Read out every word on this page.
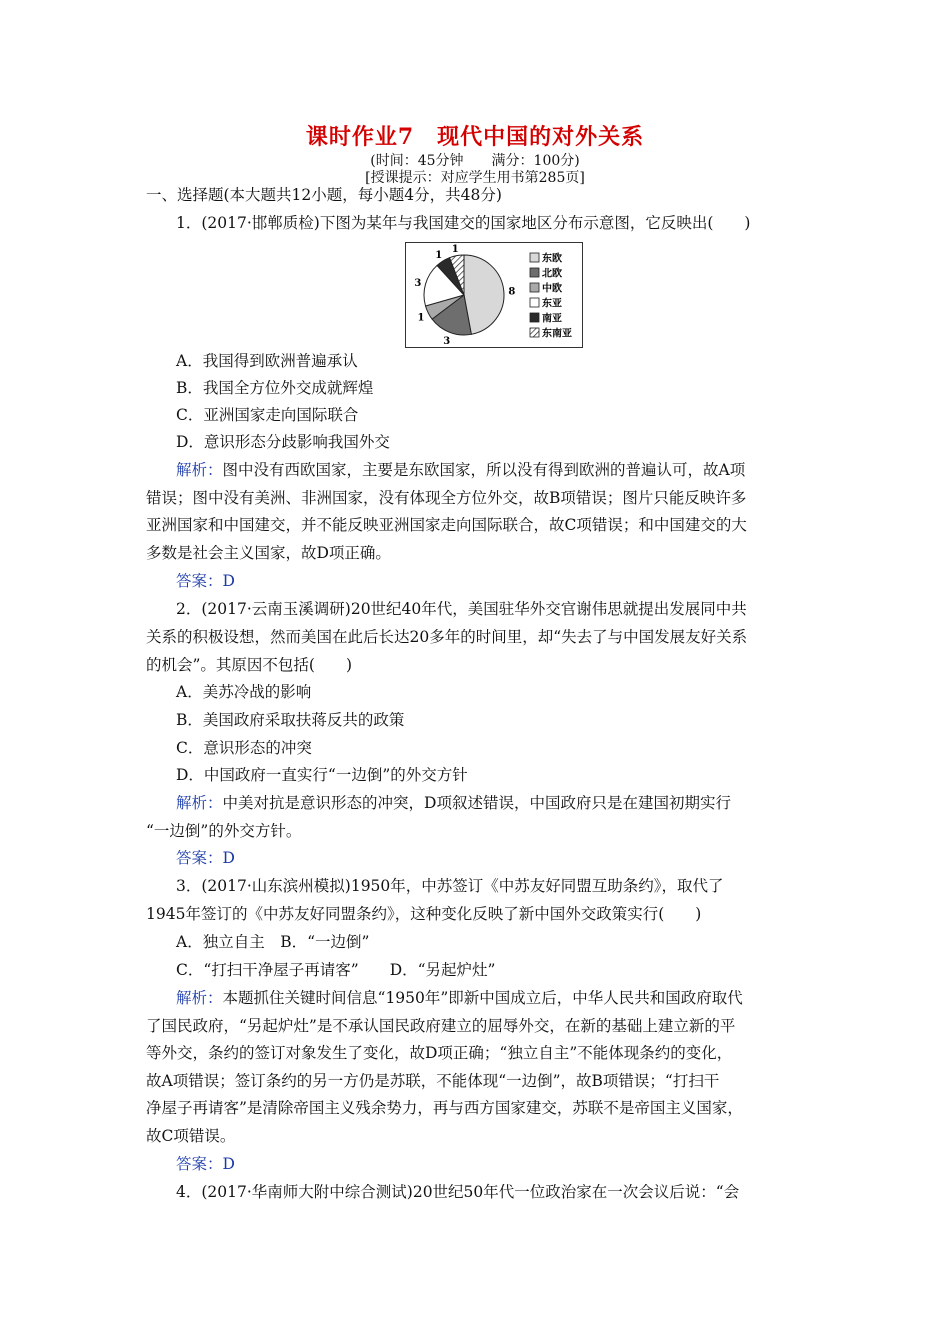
课时作业7　现代中国的对外关系
(时间：45分钟　　满分：100分)
[授课提示：对应学生用书第285页]
一、选择题(本大题共12小题，每小题4分，共48分)
1．(2017·邯郸质检)下图为某年与我国建交的国家地区分布示意图，它反映出(　　)
8
3
1
3
1
1
东欧
北欧
中欧
东亚
南亚
东南亚
A．我国得到欧洲普遍承认
B．我国全方位外交成就辉煌
C．亚洲国家走向国际联合
D．意识形态分歧影响我国外交
解析：图中没有西欧国家，主要是东欧国家，所以没有得到欧洲的普遍认可，故A项
错误；图中没有美洲、非洲国家，没有体现全方位外交，故B项错误；图片只能反映许多
亚洲国家和中国建交，并不能反映亚洲国家走向国际联合，故C项错误；和中国建交的大
多数是社会主义国家，故D项正确。
答案：D
2．(2017·云南玉溪调研)20世纪40年代，美国驻华外交官谢伟思就提出发展同中共
关系的积极设想，然而美国在此后长达20多年的时间里，却“失去了与中国发展友好关系
的机会”。其原因不包括(　　)
A．美苏冷战的影响
B．美国政府采取扶蒋反共的政策
C．意识形态的冲突
D．中国政府一直实行“一边倒”的外交方针
解析：中美对抗是意识形态的冲突，D项叙述错误，中国政府只是在建国初期实行
“一边倒”的外交方针。
答案：D
3．(2017·山东滨州模拟)1950年，中苏签订《中苏友好同盟互助条约》，取代了
1945年签订的《中苏友好同盟条约》，这种变化反映了新中国外交政策实行(　　)
A．独立自主　B．“一边倒”
C．“打扫干净屋子再请客”　　D．“另起炉灶”
解析：本题抓住关键时间信息“1950年”即新中国成立后，中华人民共和国政府取代
了国民政府，“另起炉灶”是不承认国民政府建立的屈辱外交，在新的基础上建立新的平
等外交，条约的签订对象发生了变化，故D项正确；“独立自主”不能体现条约的变化，
故A项错误；签订条约的另一方仍是苏联，不能体现“一边倒”，故B项错误；“打扫干
净屋子再请客”是清除帝国主义残余势力，再与西方国家建交，苏联不是帝国主义国家，
故C项错误。
答案：D
4．(2017·华南师大附中综合测试)20世纪50年代一位政治家在一次会议后说：“会
